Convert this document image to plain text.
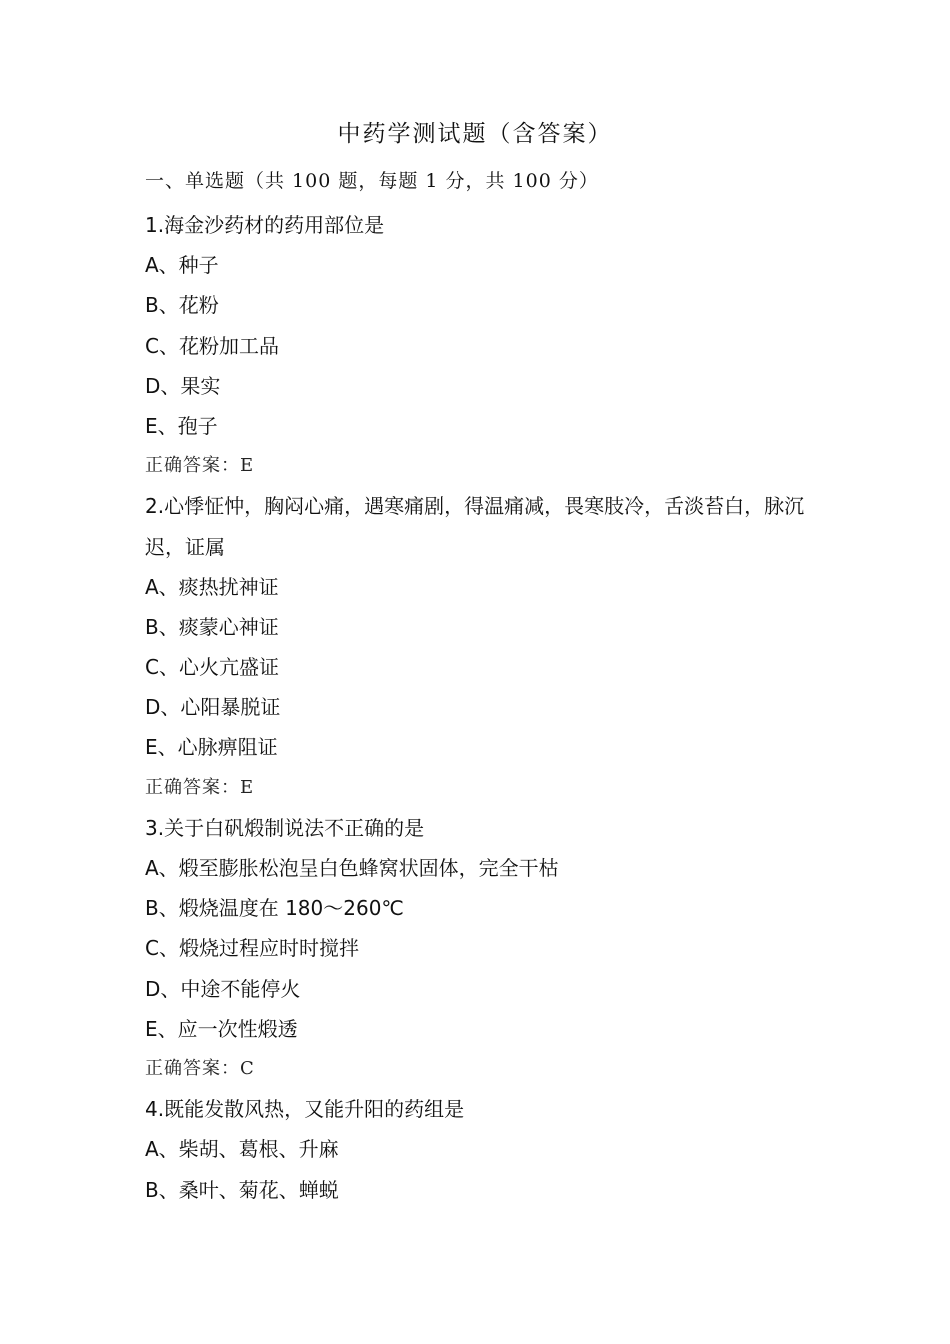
中药学测试题（含答案）
一、单选题（共 100 题，每题 1 分，共 100 分）
1.海金沙药材的药用部位是
A、种子
B、花粉
C、花粉加工品
D、果实
E、孢子
正确答案：E
2.心悸怔忡，胸闷心痛，遇寒痛剧，得温痛减，畏寒肢冷，舌淡苔白，脉沉迟，证属
A、痰热扰神证
B、痰蒙心神证
C、心火亢盛证
D、心阳暴脱证
E、心脉痹阻证
正确答案：E
3.关于白矾煅制说法不正确的是
A、煅至膨胀松泡呈白色蜂窝状固体，完全干枯
B、煅烧温度在 180～260℃
C、煅烧过程应时时搅拌
D、中途不能停火
E、应一次性煅透
正确答案：C
4.既能发散风热，又能升阳的药组是
A、柴胡、葛根、升麻
B、桑叶、菊花、蝉蜕
